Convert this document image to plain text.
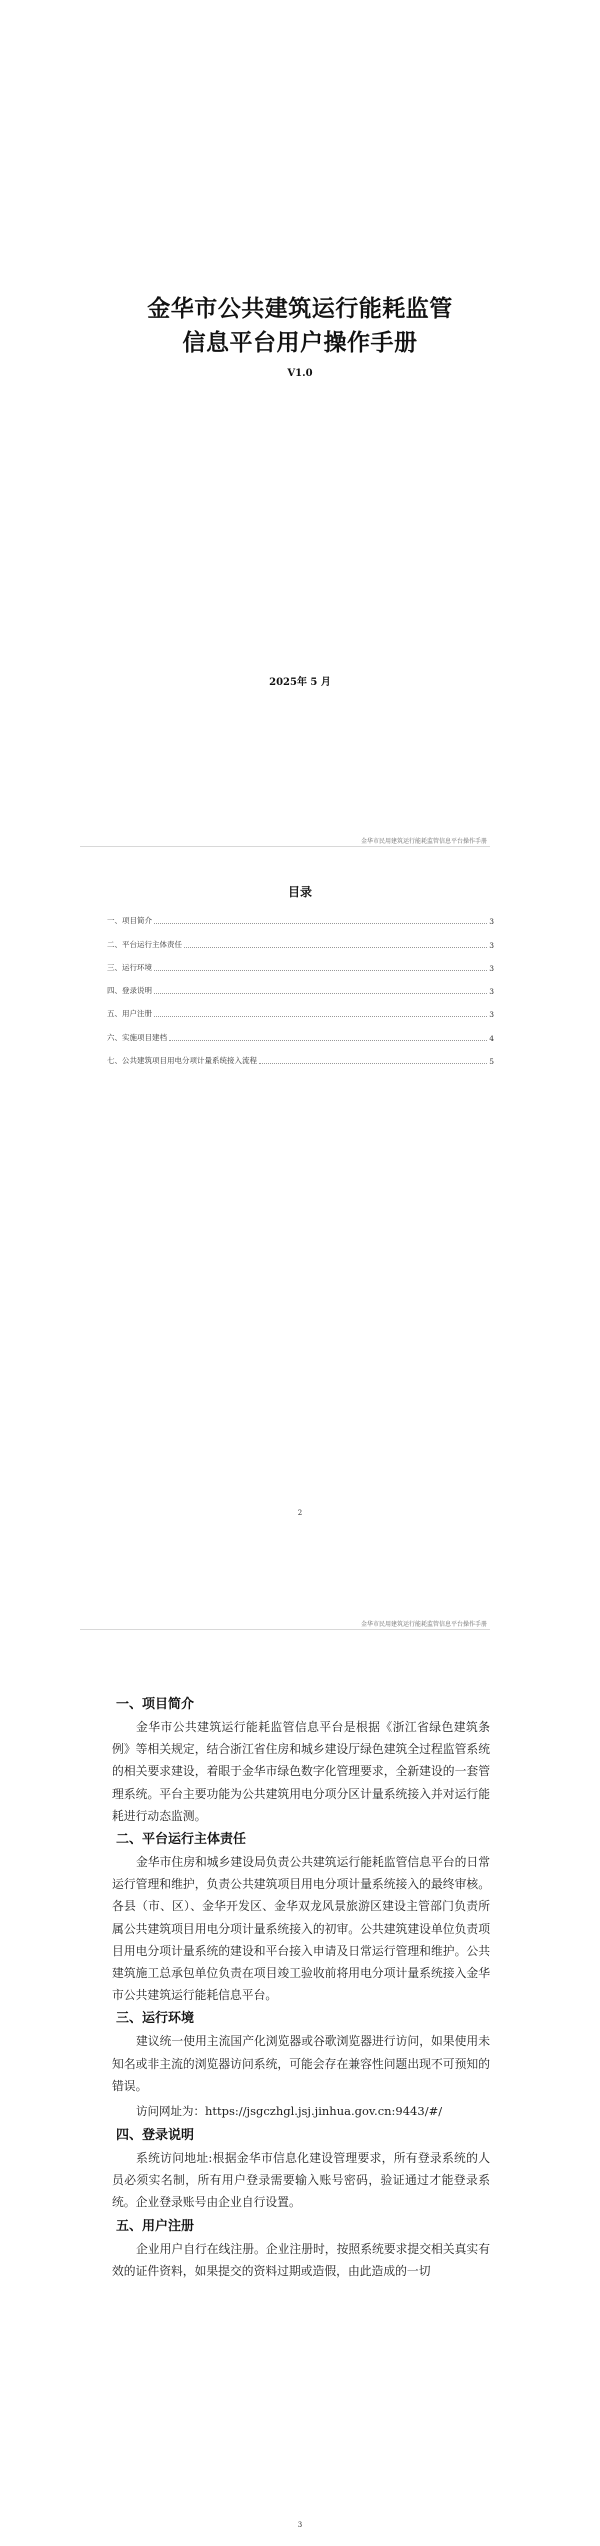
金华市公共建筑运行能耗监管
信息平台用户操作手册
V1.0
2025年 5 月
金华市民用建筑运行能耗监管信息平台操作手册
目录
一、项目简介	3
二、平台运行主体责任	3
三、运行环境	3
四、登录说明	3
五、用户注册	3
六、实施项目建档	4
七、公共建筑项目用电分项计量系统接入流程	5
2
金华市民用建筑运行能耗监管信息平台操作手册

一、项目简介

金华市公共建筑运行能耗监管信息平台是根据《浙江省绿色建筑条例》等相关规定，结合浙江省住房和城乡建设厅绿色建筑全过程监管系统的相关要求建设，着眼于金华市绿色数字化管理要求，全新建设的一套管理系统。平台主要功能为公共建筑用电分项分区计量系统接入并对运行能耗进行动态监测。

二、平台运行主体责任

金华市住房和城乡建设局负责公共建筑运行能耗监管信息平台的日常运行管理和维护，负责公共建筑项目用电分项计量系统接入的最终审核。各县（市、区）、金华开发区、金华双龙风景旅游区建设主管部门负责所属公共建筑项目用电分项计量系统接入的初审。公共建筑建设单位负责项目用电分项计量系统的建设和平台接入申请及日常运行管理和维护。公共建筑施工总承包单位负责在项目竣工验收前将用电分项计量系统接入金华市公共建筑运行能耗信息平台。

三、运行环境

建议统一使用主流国产化浏览器或谷歌浏览器进行访问，如果使用未知名或非主流的浏览器访问系统，可能会存在兼容性问题出现不可预知的错误。

访问网址为：https://jsgczhgl.jsj.jinhua.gov.cn:9443/#/

四、登录说明

系统访问地址:根据金华市信息化建设管理要求，所有登录系统的人员必须实名制，所有用户登录需要输入账号密码，验证通过才能登录系统。企业登录账号由企业自行设置。

五、用户注册

企业用户自行在线注册。企业注册时，按照系统要求提交相关真实有效的证件资料，如果提交的资料过期或造假，由此造成的一切

3
